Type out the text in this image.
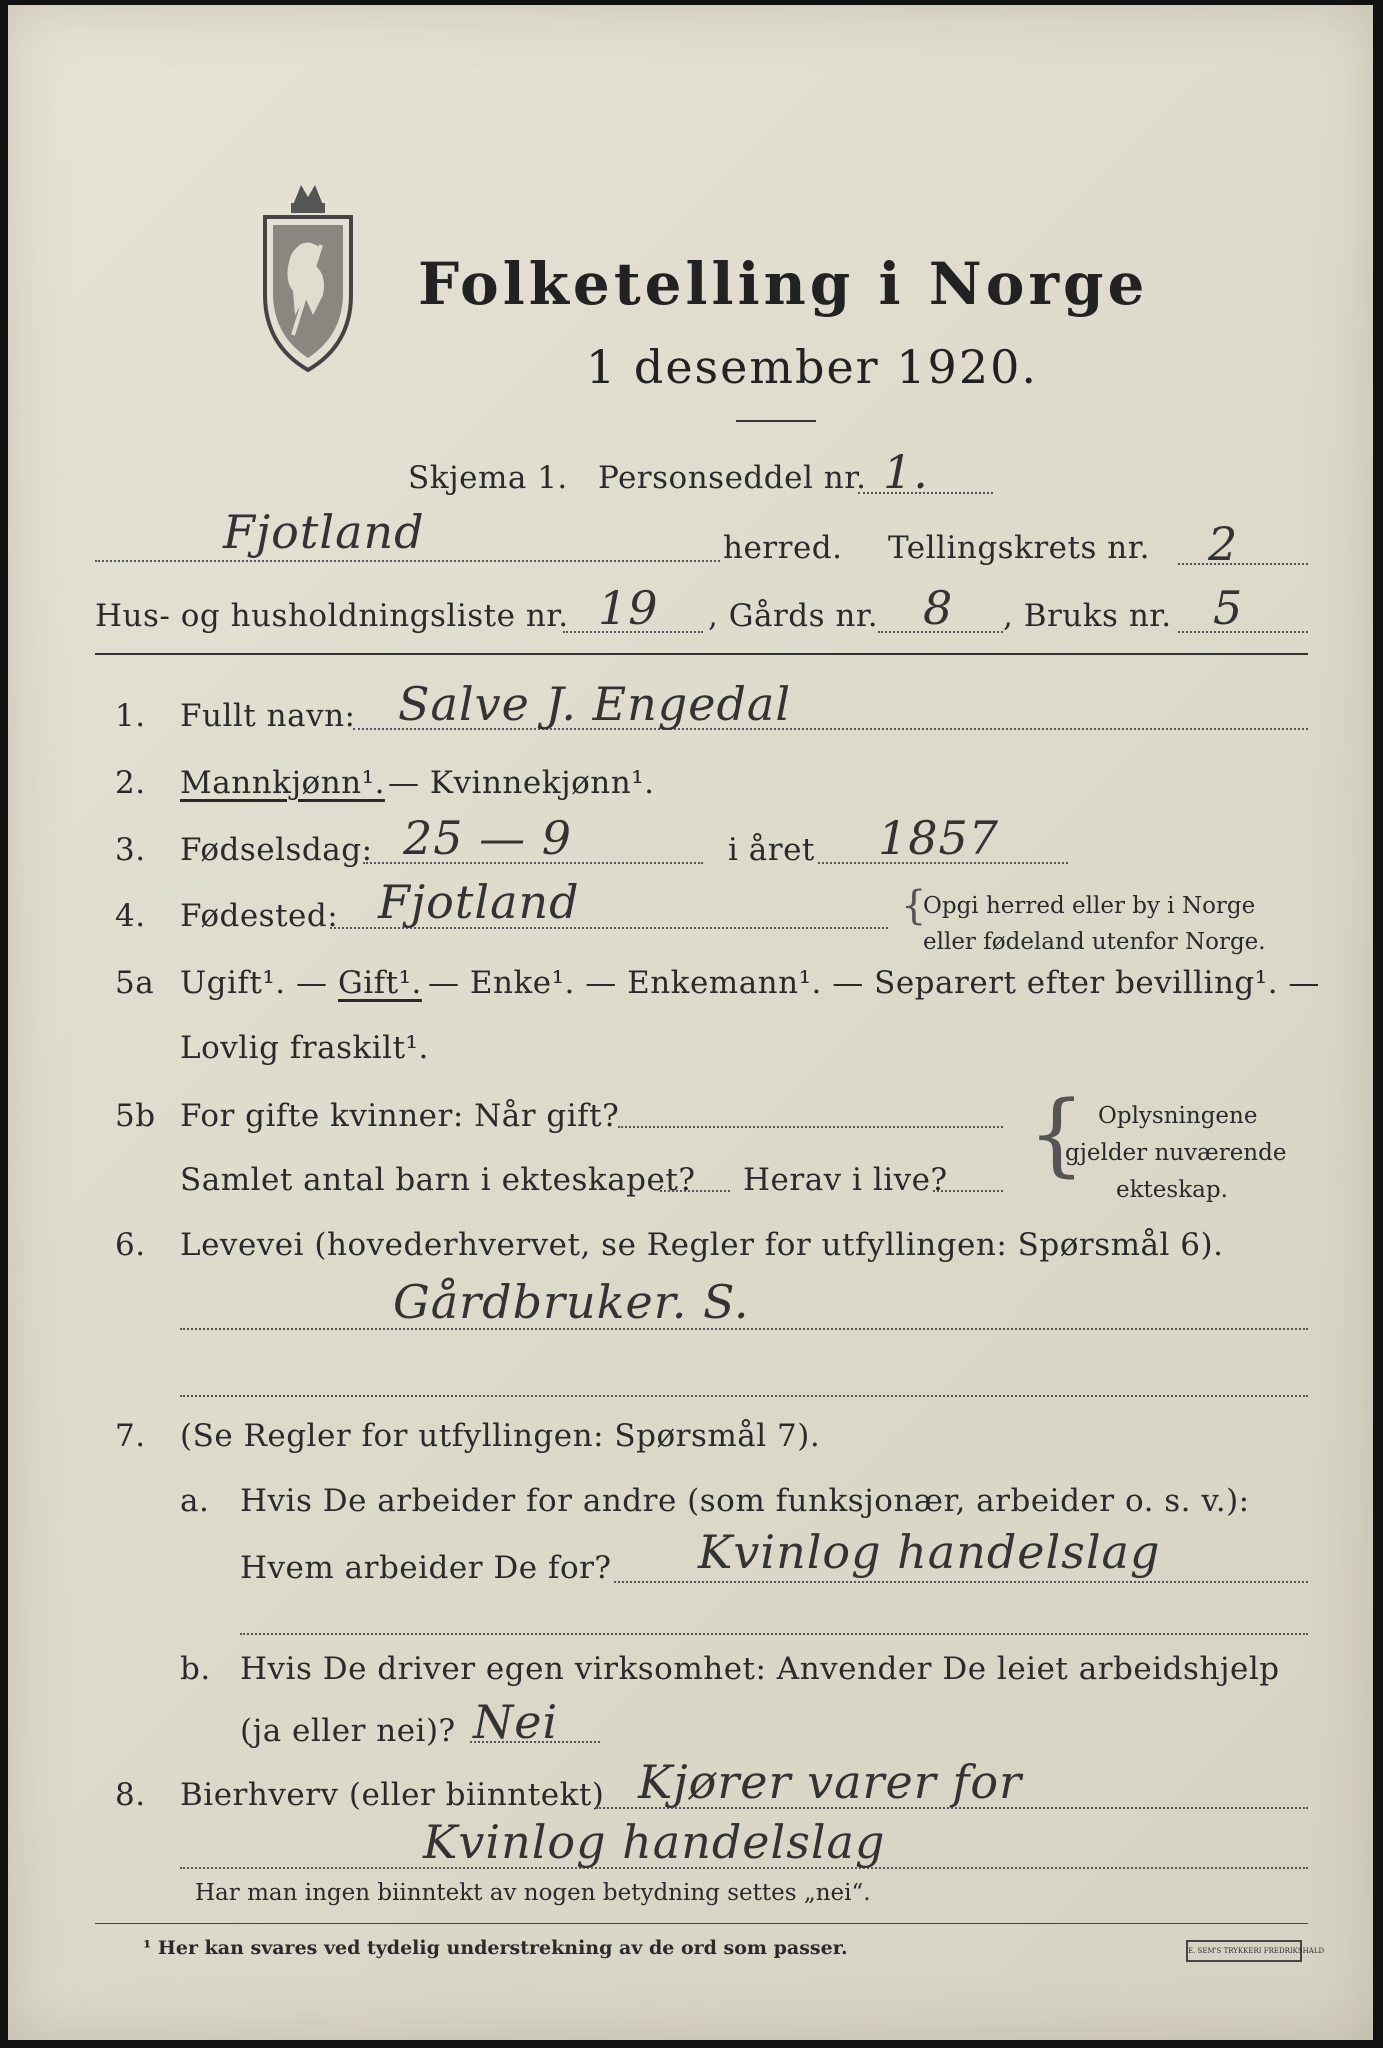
Folketelling i Norge
1 desember 1920.
Skjema 1. Personseddel nr. 1.
Fjotland	herred. Tellingskrets nr. 2
Hus- og husholdningsliste nr. 19 , Gårds nr. 8 , Bruks nr. 5
1. Fullt navn: Salve J. Engedal
2. Mannkjønn¹. — Kvinnekjønn¹.
3. Fødselsdag: 25 — 9	i året 1857
4. Fødested: Fjotland	{
Opgi herred eller by i Norge
eller fødeland utenfor Norge.
5a Ugift¹. — Gift¹. — Enke¹. — Enkemann¹. — Separert efter bevilling¹. —
Lovlig fraskilt¹.
5b For gifte kvinner: Når gift?
Samlet antal barn i ekteskapet? Herav i live? { Oplysningene
gjelder nuværende
ekteskap.
6. Levevei (hovederhvervet, se Regler for utfyllingen: Spørsmål 6).
Gårdbruker. S.
7. (Se Regler for utfyllingen: Spørsmål 7).
a. Hvis De arbeider for andre (som funksjonær, arbeider o. s. v.):
Hvem arbeider De for? Kvinlog handelslag
b. Hvis De driver egen virksomhet: Anvender De leiet arbeidshjelp
(ja eller nei)? Nei
8. Bierhverv (eller biinntekt) Kjører varer for
Kvinlog handelslag
Har man ingen biinntekt av nogen betydning settes „nei“.
¹ Her kan svares ved tydelig understrekning av de ord som passer.	E. SEM'S TRYKKERI FREDRIKSHALD
